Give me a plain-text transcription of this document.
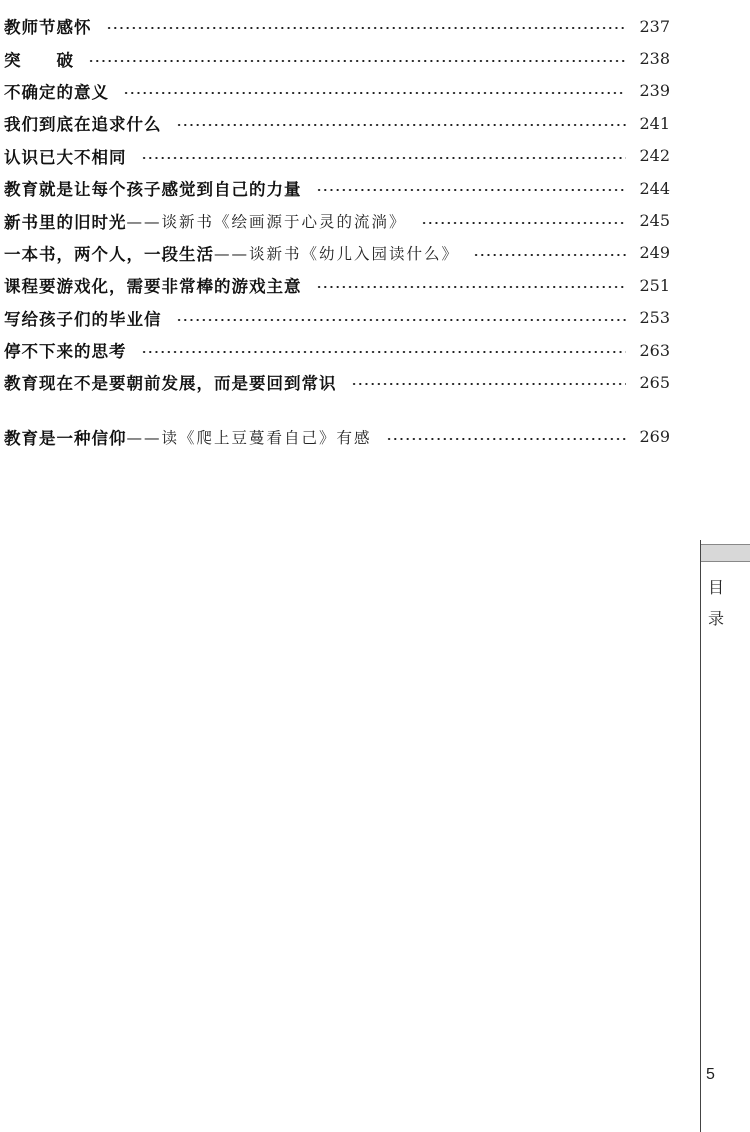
教师节感怀	237
突　　破	238
不确定的意义	239
我们到底在追求什么	241
认识已大不相同	242
教育就是让每个孩子感觉到自己的力量	244
新书里的旧时光 ——谈新书《绘画源于心灵的流淌》	245
一本书，两个人，一段生活 ——谈新书《幼儿入园读什么》	249
课程要游戏化，需要非常棒的游戏主意	251
写给孩子们的毕业信	253
停不下来的思考	263
教育现在不是要朝前发展，而是要回到常识	265
教育是一种信仰 ——读《爬上豆蔓看自己》有感	269
目
录
5
